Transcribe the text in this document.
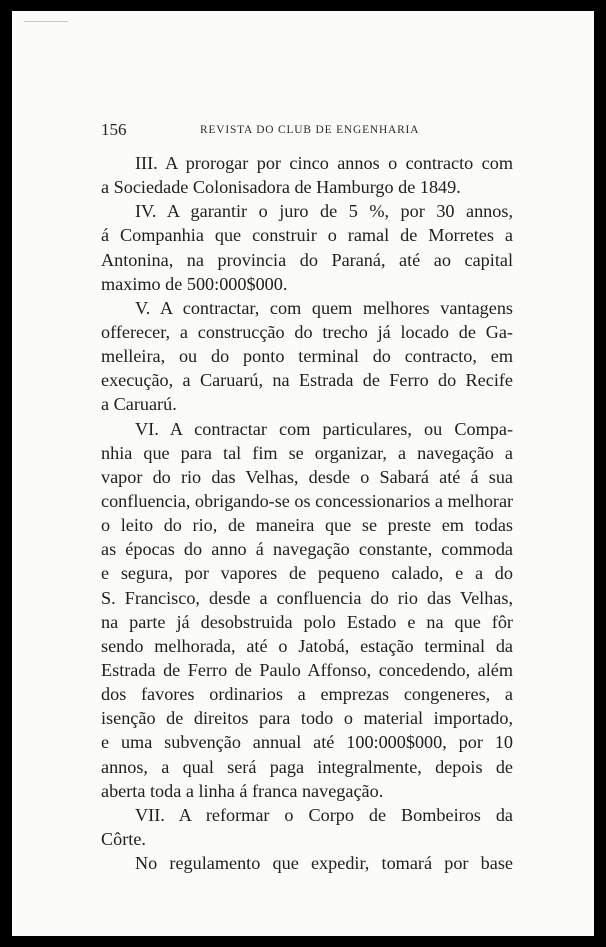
156	REVISTA DO CLUB DE ENGENHARIA
III. A prorogar por cinco annos o contracto com
a Sociedade Colonisadora de Hamburgo de 1849.
IV. A garantir o juro de 5 %, por 30 annos,
á Companhia que construir o ramal de Morretes a
Antonina, na provincia do Paraná, até ao capital
maximo de 500:000$000.
V. A contractar, com quem melhores vantagens
offerecer, a construcção do trecho já locado de Ga-
melleira, ou do ponto terminal do contracto, em
execução, a Caruarú, na Estrada de Ferro do Recife
a Caruarú.
VI. A contractar com particulares, ou Compa-
nhia que para tal fim se organizar, a navegação a
vapor do rio das Velhas, desde o Sabará até á sua
confluencia, obrigando-se os concessionarios a melhorar
o leito do rio, de maneira que se preste em todas
as épocas do anno á navegação constante, commoda
e segura, por vapores de pequeno calado, e a do
S. Francisco, desde a confluencia do rio das Velhas,
na parte já desobstruida polo Estado e na que fôr
sendo melhorada, até o Jatobá, estação terminal da
Estrada de Ferro de Paulo Affonso, concedendo, além
dos favores ordinarios a emprezas congeneres, a
isenção de direitos para todo o material importado,
e uma subvenção annual até 100:000$000, por 10
annos, a qual será paga integralmente, depois de
aberta toda a linha á franca navegação.
VII. A reformar o Corpo de Bombeiros da
Côrte.
No regulamento que expedir, tomará por base
